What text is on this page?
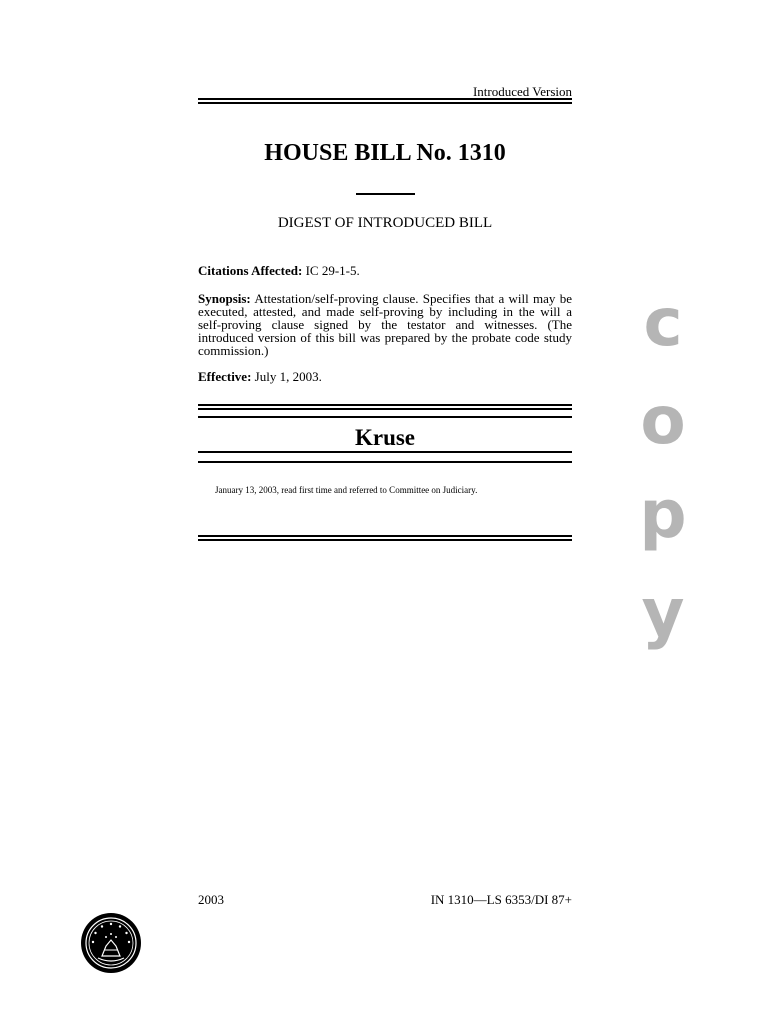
Introduced Version
HOUSE BILL No. 1310
DIGEST OF INTRODUCED BILL
Citations Affected: IC 29-1-5.
Synopsis: Attestation/self-proving clause. Specifies that a will may be executed, attested, and made self-proving by including in the will a self-proving clause signed by the testator and witnesses. (The introduced version of this bill was prepared by the probate code study commission.)
Effective: July 1, 2003.
Kruse
January 13, 2003, read first time and referred to Committee on Judiciary.
2003	IN 1310—LS 6353/DI 87+
c
o
p
y
